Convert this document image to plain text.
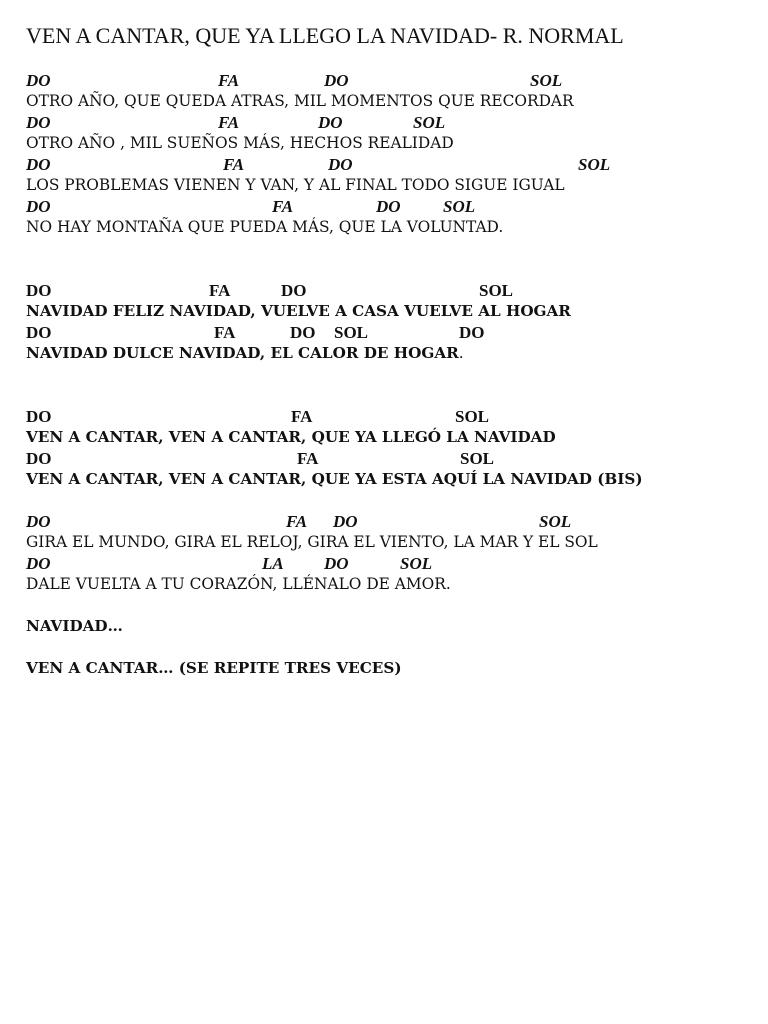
VEN A CANTAR, QUE YA LLEGO LA NAVIDAD- R. NORMAL
DO	FA	DO	SOL
OTRO AÑO, QUE QUEDA ATRAS, MIL MOMENTOS QUE RECORDAR
DO	FA	DO	SOL
OTRO AÑO , MIL SUEÑOS MÁS, HECHOS REALIDAD
DO	FA	DO	SOL
LOS PROBLEMAS VIENEN Y VAN, Y AL FINAL TODO SIGUE IGUAL
DO	FA	DO SOL
NO HAY MONTAÑA QUE PUEDA MÁS, QUE LA VOLUNTAD.
DO	FA	DO	SOL
NAVIDAD FELIZ NAVIDAD, VUELVE A CASA VUELVE AL HOGAR
DO	FA	DO SOL	DO
NAVIDAD DULCE NAVIDAD, EL CALOR DE HOGAR.
DO	FA	SOL
VEN A CANTAR, VEN A CANTAR, QUE YA LLEGÓ LA NAVIDAD
DO	FA	SOL
VEN A CANTAR, VEN A CANTAR, QUE YA ESTA AQUÍ LA NAVIDAD (BIS)
DO	FA DO	SOL
GIRA EL MUNDO, GIRA EL RELOJ, GIRA EL VIENTO, LA MAR Y EL SOL
DO	LA DO	SOL
DALE VUELTA A TU CORAZÓN, LLÉNALO DE AMOR.
NAVIDAD…
VEN A CANTAR… (SE REPITE TRES VECES)
